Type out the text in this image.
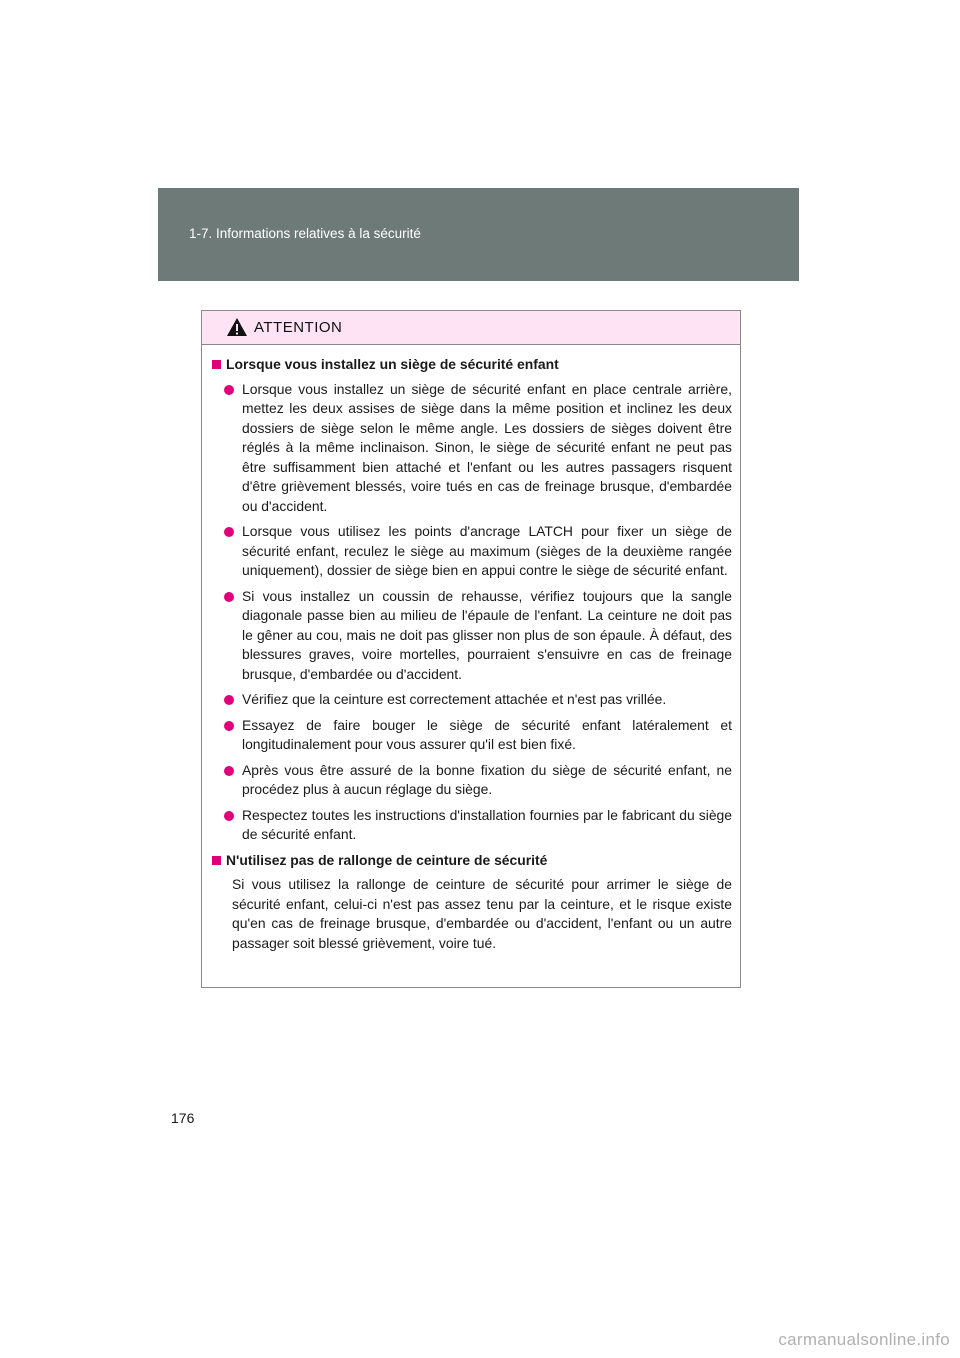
1-7. Informations relatives à la sécurité
ATTENTION
Lorsque vous installez un siège de sécurité enfant
Lorsque vous installez un siège de sécurité enfant en place centrale arrière, mettez les deux assises de siège dans la même position et inclinez les deux dossiers de siège selon le même angle. Les dossiers de sièges doivent être réglés à la même inclinaison. Sinon, le siège de sécurité enfant ne peut pas être suffisamment bien attaché et l'enfant ou les autres passagers risquent d'être grièvement blessés, voire tués en cas de freinage brusque, d'embardée ou d'accident.
Lorsque vous utilisez les points d'ancrage LATCH pour fixer un siège de sécurité enfant, reculez le siège au maximum (sièges de la deuxième rangée uniquement), dossier de siège bien en appui contre le siège de sécurité enfant.
Si vous installez un coussin de rehausse, vérifiez toujours que la sangle diagonale passe bien au milieu de l'épaule de l'enfant. La ceinture ne doit pas le gêner au cou, mais ne doit pas glisser non plus de son épaule. À défaut, des blessures graves, voire mortelles, pourraient s'ensuivre en cas de freinage brusque, d'embardée ou d'accident.
Vérifiez que la ceinture est correctement attachée et n'est pas vrillée.
Essayez de faire bouger le siège de sécurité enfant latéralement et longitudinalement pour vous assurer qu'il est bien fixé.
Après vous être assuré de la bonne fixation du siège de sécurité enfant, ne procédez plus à aucun réglage du siège.
Respectez toutes les instructions d'installation fournies par le fabricant du siège de sécurité enfant.
N'utilisez pas de rallonge de ceinture de sécurité
Si vous utilisez la rallonge de ceinture de sécurité pour arrimer le siège de sécurité enfant, celui-ci n'est pas assez tenu par la ceinture, et le risque existe qu'en cas de freinage brusque, d'embardée ou d'accident, l'enfant ou un autre passager soit blessé grièvement, voire tué.
176
carmanualsonline.info
